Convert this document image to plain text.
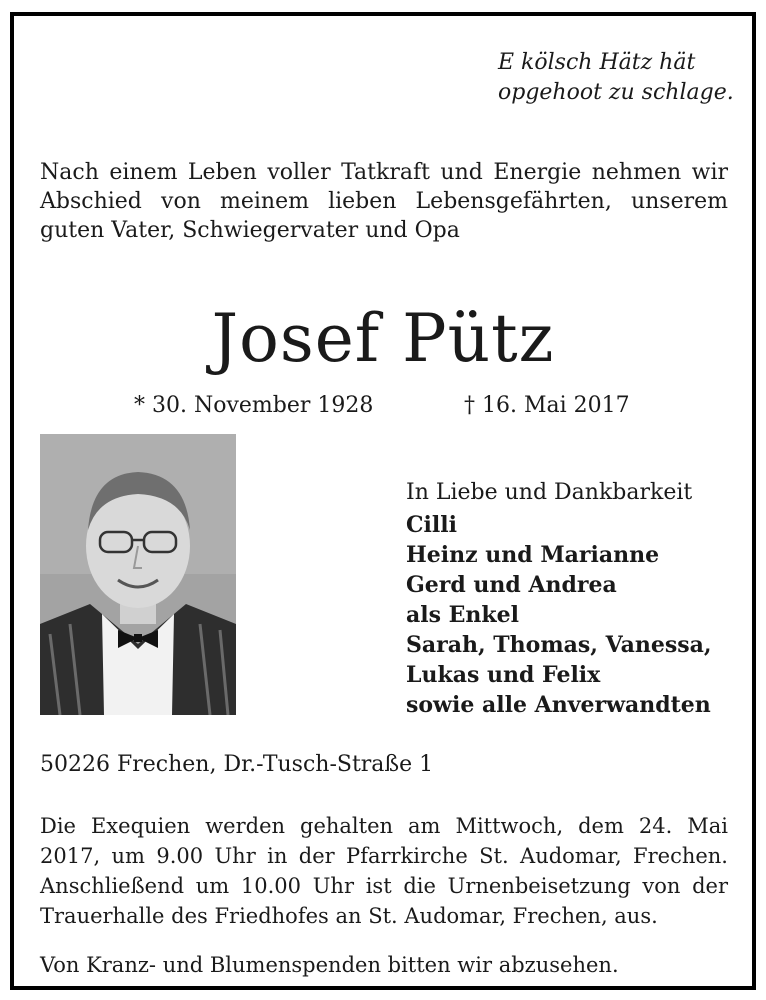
E kölsch Hätz hät
opgehoot zu schlage.
Nach einem Leben voller Tatkraft und Energie nehmen wir Abschied von meinem lieben Lebensgefährten, unserem guten Vater, Schwiegervater und Opa
Josef Pütz
* 30. November 1928	† 16. Mai 2017

In Liebe und Dankbarkeit

Cilli
Heinz und Marianne
Gerd und Andrea
als Enkel
Sarah, Thomas, Vanessa,
Lukas und Felix
sowie alle Anverwandten
50226 Frechen, Dr.-Tusch-Straße 1
Die Exequien werden gehalten am Mittwoch, dem 24. Mai 2017, um 9.00 Uhr in der Pfarrkirche St. Audomar, Frechen. Anschließend um 10.00 Uhr ist die Urnenbeisetzung von der Trauerhalle des Friedhofes an St. Audomar, Frechen, aus.
Von Kranz- und Blumenspenden bitten wir abzusehen.
